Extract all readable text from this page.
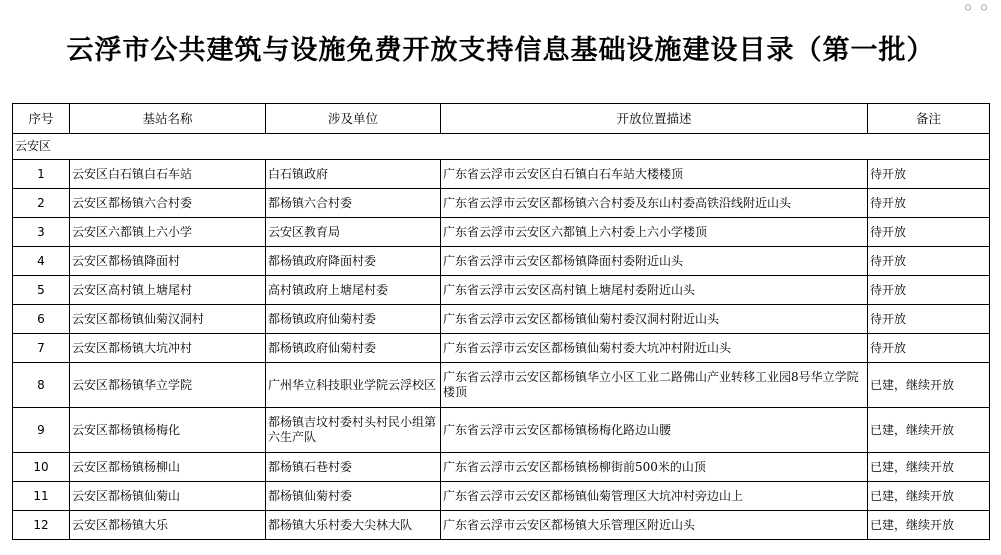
○ ○
云浮市公共建筑与设施免费开放支持信息基础设施建设目录（第一批）
序号	基站名称	涉及单位	开放位置描述	备注
云安区				
1	云安区白石镇白石车站	白石镇政府	广东省云浮市云安区白石镇白石车站大楼楼顶	待开放
2	云安区都杨镇六合村委	都杨镇六合村委	广东省云浮市云安区都杨镇六合村委及东山村委高铁沿线附近山头	待开放
3	云安区六都镇上六小学	云安区教育局	广东省云浮市云安区六都镇上六村委上六小学楼顶	待开放
4	云安区都杨镇降面村	都杨镇政府降面村委	广东省云浮市云安区都杨镇降面村委附近山头	待开放
5	云安区高村镇上塘尾村	高村镇政府上塘尾村委	广东省云浮市云安区高村镇上塘尾村委附近山头	待开放
6	云安区都杨镇仙菊汉洞村	都杨镇政府仙菊村委	广东省云浮市云安区都杨镇仙菊村委汉洞村附近山头	待开放
7	云安区都杨镇大坑冲村	都杨镇政府仙菊村委	广东省云浮市云安区都杨镇仙菊村委大坑冲村附近山头	待开放
8	云安区都杨镇华立学院	广州华立科技职业学院云浮校区	广东省云浮市云安区都杨镇华立小区工业二路佛山产业转移工业园8号华立学院楼顶	已建，继续开放
9	云安区都杨镇杨梅化	都杨镇吉坟村委村头村民小组第六生产队	广东省云浮市云安区都杨镇杨梅化路边山腰	已建，继续开放
10	云安区都杨镇杨柳山	都杨镇石巷村委	广东省云浮市云安区都杨镇杨柳街前500米的山顶	已建，继续开放
11	云安区都杨镇仙菊山	都杨镇仙菊村委	广东省云浮市云安区都杨镇仙菊管理区大坑冲村旁边山上	已建，继续开放
12	云安区都杨镇大乐	都杨镇大乐村委大尖林大队	广东省云浮市云安区都杨镇大乐管理区附近山头	已建，继续开放
